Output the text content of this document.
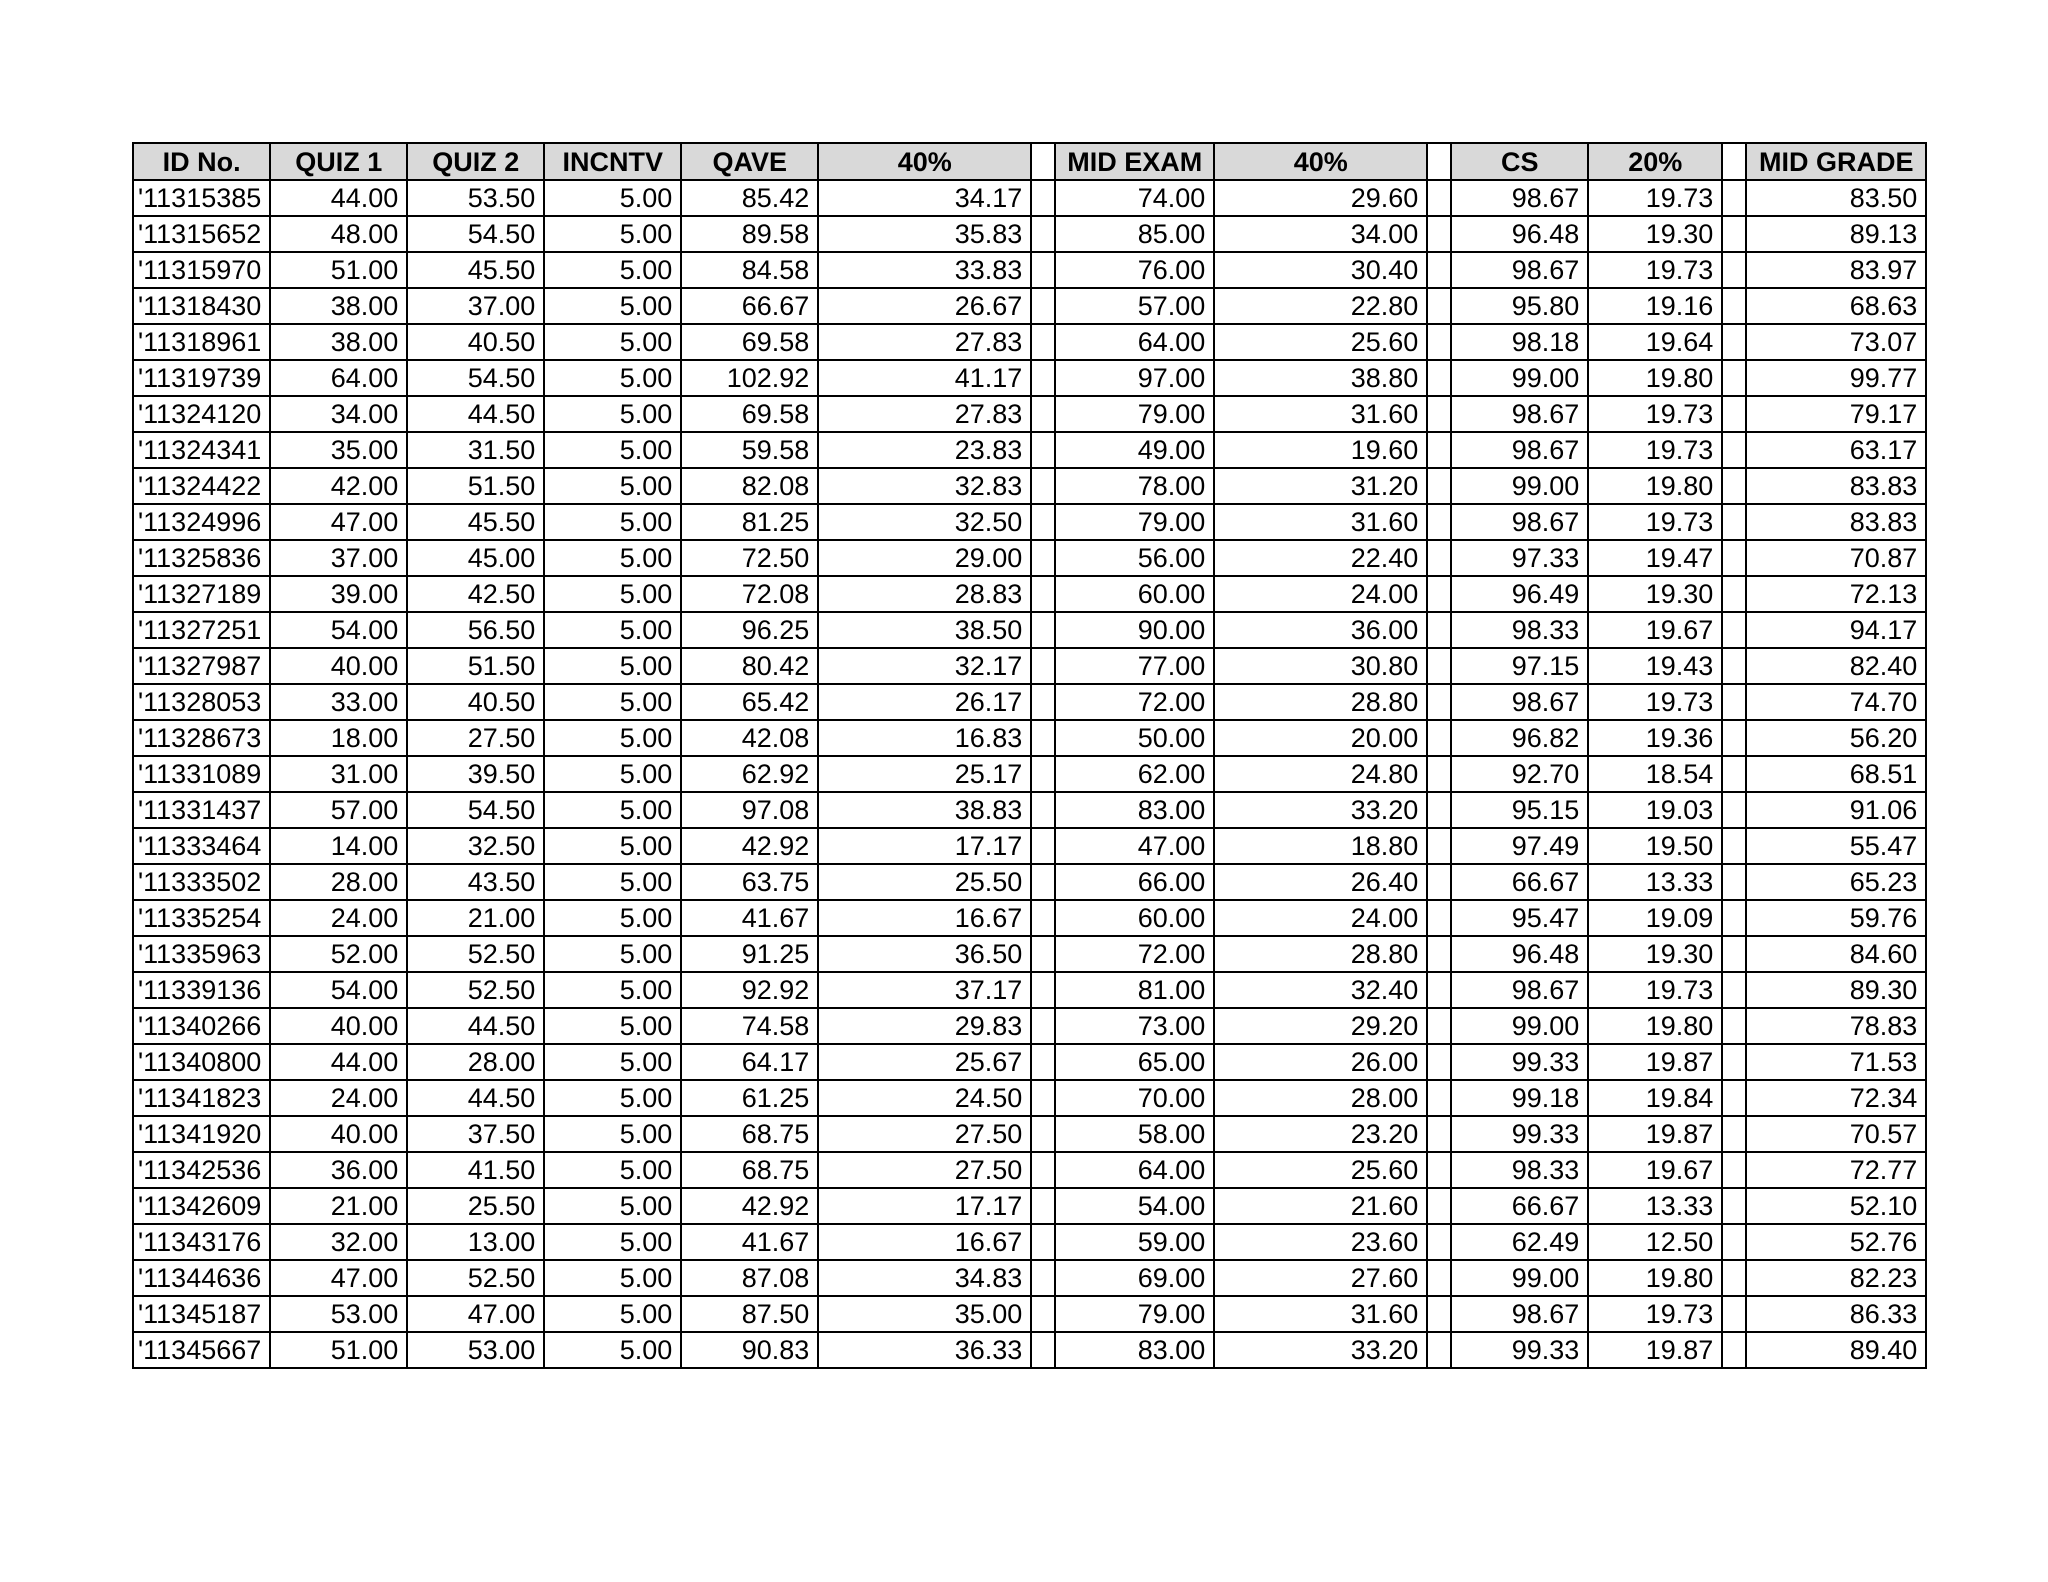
ID No.	QUIZ 1	QUIZ 2	INCNTV	QAVE	40%		MID EXAM	40%		CS	20%		MID GRADE
'11315385	44.00	53.50	5.00	85.42	34.17		74.00	29.60		98.67	19.73		83.50
'11315652	48.00	54.50	5.00	89.58	35.83		85.00	34.00		96.48	19.30		89.13
'11315970	51.00	45.50	5.00	84.58	33.83		76.00	30.40		98.67	19.73		83.97
'11318430	38.00	37.00	5.00	66.67	26.67		57.00	22.80		95.80	19.16		68.63
'11318961	38.00	40.50	5.00	69.58	27.83		64.00	25.60		98.18	19.64		73.07
'11319739	64.00	54.50	5.00	102.92	41.17		97.00	38.80		99.00	19.80		99.77
'11324120	34.00	44.50	5.00	69.58	27.83		79.00	31.60		98.67	19.73		79.17
'11324341	35.00	31.50	5.00	59.58	23.83		49.00	19.60		98.67	19.73		63.17
'11324422	42.00	51.50	5.00	82.08	32.83		78.00	31.20		99.00	19.80		83.83
'11324996	47.00	45.50	5.00	81.25	32.50		79.00	31.60		98.67	19.73		83.83
'11325836	37.00	45.00	5.00	72.50	29.00		56.00	22.40		97.33	19.47		70.87
'11327189	39.00	42.50	5.00	72.08	28.83		60.00	24.00		96.49	19.30		72.13
'11327251	54.00	56.50	5.00	96.25	38.50		90.00	36.00		98.33	19.67		94.17
'11327987	40.00	51.50	5.00	80.42	32.17		77.00	30.80		97.15	19.43		82.40
'11328053	33.00	40.50	5.00	65.42	26.17		72.00	28.80		98.67	19.73		74.70
'11328673	18.00	27.50	5.00	42.08	16.83		50.00	20.00		96.82	19.36		56.20
'11331089	31.00	39.50	5.00	62.92	25.17		62.00	24.80		92.70	18.54		68.51
'11331437	57.00	54.50	5.00	97.08	38.83		83.00	33.20		95.15	19.03		91.06
'11333464	14.00	32.50	5.00	42.92	17.17		47.00	18.80		97.49	19.50		55.47
'11333502	28.00	43.50	5.00	63.75	25.50		66.00	26.40		66.67	13.33		65.23
'11335254	24.00	21.00	5.00	41.67	16.67		60.00	24.00		95.47	19.09		59.76
'11335963	52.00	52.50	5.00	91.25	36.50		72.00	28.80		96.48	19.30		84.60
'11339136	54.00	52.50	5.00	92.92	37.17		81.00	32.40		98.67	19.73		89.30
'11340266	40.00	44.50	5.00	74.58	29.83		73.00	29.20		99.00	19.80		78.83
'11340800	44.00	28.00	5.00	64.17	25.67		65.00	26.00		99.33	19.87		71.53
'11341823	24.00	44.50	5.00	61.25	24.50		70.00	28.00		99.18	19.84		72.34
'11341920	40.00	37.50	5.00	68.75	27.50		58.00	23.20		99.33	19.87		70.57
'11342536	36.00	41.50	5.00	68.75	27.50		64.00	25.60		98.33	19.67		72.77
'11342609	21.00	25.50	5.00	42.92	17.17		54.00	21.60		66.67	13.33		52.10
'11343176	32.00	13.00	5.00	41.67	16.67		59.00	23.60		62.49	12.50		52.76
'11344636	47.00	52.50	5.00	87.08	34.83		69.00	27.60		99.00	19.80		82.23
'11345187	53.00	47.00	5.00	87.50	35.00		79.00	31.60		98.67	19.73		86.33
'11345667	51.00	53.00	5.00	90.83	36.33		83.00	33.20		99.33	19.87		89.40
